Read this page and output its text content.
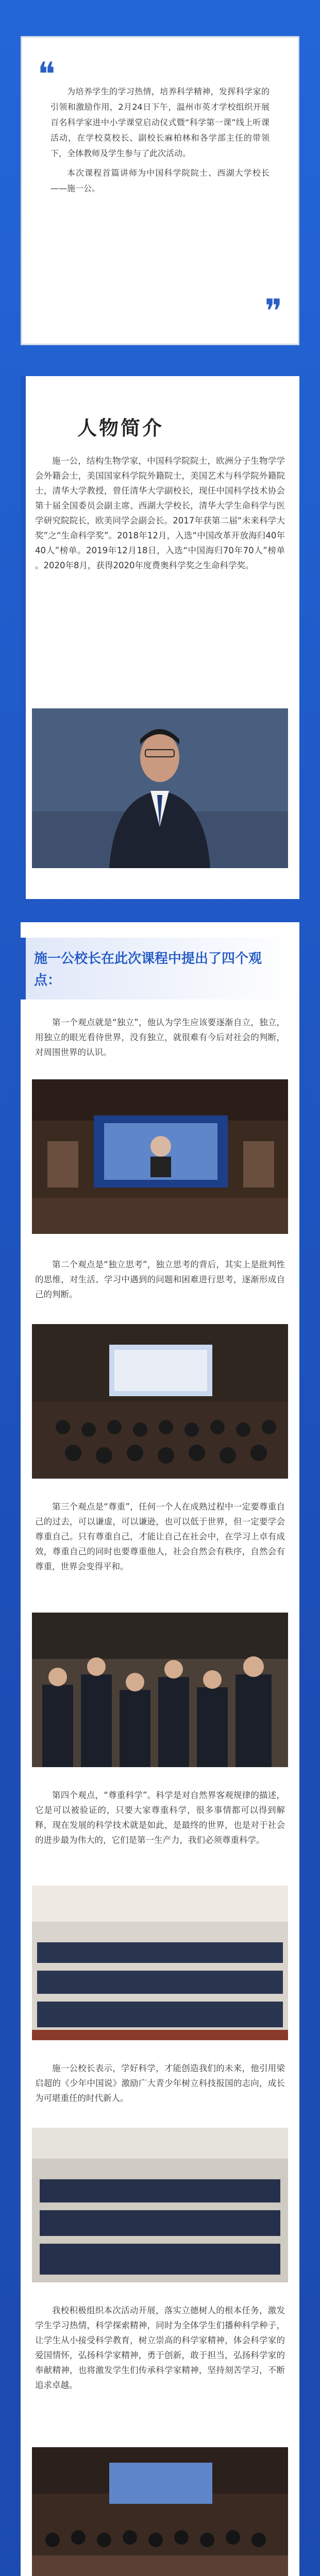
❝	为培养学生的学习热情，培养科学精神，发挥科学家的引领和激励作用，2月24日下午，温州市英才学校组织开展百名科学家进中小学课堂启动仪式暨“科学第一课”线上听课活动，在学校莫校长、副校长麻柏林和各学部主任的带领下，全体教师及学生参与了此次活动。

本次课程首篇讲师为中国科学院院士、西湖大学校长——施一公。

❞
人物简介

施一公，结构生物学家，中国科学院院士，欧洲分子生物学学会外籍会士，美国国家科学院外籍院士，美国艺术与科学院外籍院士，清华大学教授，曾任清华大学副校长，现任中国科学技术协会第十届全国委员会副主席、西湖大学校长，清华大学生命科学与医学研究院院长，欧美同学会副会长。2017年获第二届“未来科学大奖”之“生命科学奖”。2018年12月，入选“中国改革开放海归40年40人”榜单。2019年12月18日，入选“中国海归70年70人”榜单 。2020年8月，获得2020年度费奥科学奖之生命科学奖。

施一公校长在此次课程中提出了四个观点：

第一个观点就是“独立”，他认为学生应该要逐渐自立，独立，用独立的眼光看待世界，没有独立，就很难有今后对社会的判断，对周围世界的认识。

第二个观点是“独立思考”，独立思考的背后，其实上是批判性的思维，对生活、学习中遇到的问题和困难进行思考，逐渐形成自己的判断。

第三个观点是“尊重”，任何一个人在成熟过程中一定要尊重自己的过去，可以谦虚，可以谦逊，也可以低于世界，但一定要学会尊重自己。只有尊重自己，才能让自己在社会中，在学习上卓有成效，尊重自己的同时也要尊重他人，社会自然会有秩序，自然会有尊重，世界会变得平和。

第四个观点，“尊重科学”。科学是对自然界客观规律的描述，它是可以被验证的，只要大家尊重科学，很多事情都可以得到解释，现在发展的科学技术就是如此，是最终的世界，也是对于社会的进步最为伟大的，它们是第一生产力，我们必须尊重科学。

施一公校长表示，学好科学，才能创造我们的未来，他引用梁启超的《少年中国说》激励广大青少年树立科技报国的志向，成长为可堪重任的时代新人。

我校积极组织本次活动开展，落实立德树人的根本任务，激发学生学习热情，科学探索精神，同时为全体学生们播种科学种子，让学生从小接受科学教育，树立崇高的科学家精神，体会科学家的爱国情怀，弘扬科学家精神，勇于创新，敢于担当，弘扬科学家的奉献精神，也将激发学生们传承科学家精神，坚持刻苦学习，不断追求卓越。
